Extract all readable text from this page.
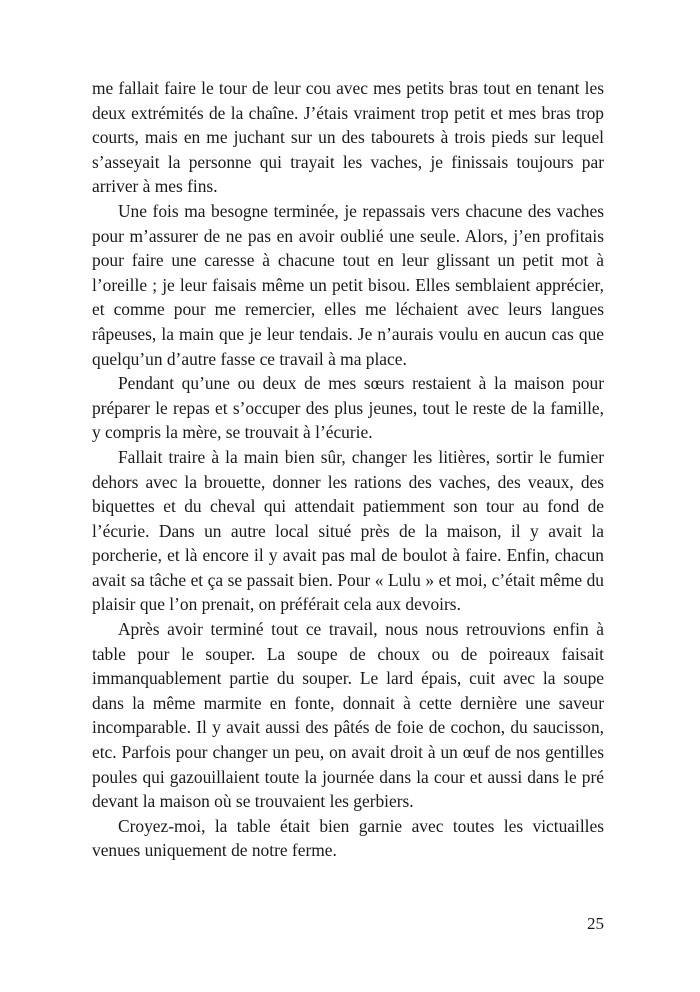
me fallait faire le tour de leur cou avec mes petits bras tout en tenant les deux extrémités de la chaîne. J’étais vraiment trop petit et mes bras trop courts, mais en me juchant sur un des tabourets à trois pieds sur lequel s’asseyait la personne qui trayait les vaches, je finissais toujours par arriver à mes fins.

Une fois ma besogne terminée, je repassais vers chacune des vaches pour m’assurer de ne pas en avoir oublié une seule. Alors, j’en profitais pour faire une caresse à chacune tout en leur glissant un petit mot à l’oreille ; je leur faisais même un petit bisou. Elles semblaient apprécier, et comme pour me remercier, elles me léchaient avec leurs langues râpeuses, la main que je leur tendais. Je n’aurais voulu en aucun cas que quelqu’un d’autre fasse ce travail à ma place.

Pendant qu’une ou deux de mes sœurs restaient à la maison pour préparer le repas et s’occuper des plus jeunes, tout le reste de la famille, y compris la mère, se trouvait à l’écurie.

Fallait traire à la main bien sûr, changer les litières, sortir le fumier dehors avec la brouette, donner les rations des vaches, des veaux, des biquettes et du cheval qui attendait patiemment son tour au fond de l’écurie. Dans un autre local situé près de la maison, il y avait la porcherie, et là encore il y avait pas mal de boulot à faire. Enfin, chacun avait sa tâche et ça se passait bien. Pour « Lulu » et moi, c’était même du plaisir que l’on prenait, on préférait cela aux devoirs.

Après avoir terminé tout ce travail, nous nous retrouvions enfin à table pour le souper. La soupe de choux ou de poireaux faisait immanquablement partie du souper. Le lard épais, cuit avec la soupe dans la même marmite en fonte, donnait à cette dernière une saveur incomparable. Il y avait aussi des pâtés de foie de cochon, du saucisson, etc. Parfois pour changer un peu, on avait droit à un œuf de nos gentilles poules qui gazouillaient toute la journée dans la cour et aussi dans le pré devant la maison où se trouvaient les gerbiers.

Croyez-moi, la table était bien garnie avec toutes les victuailles venues uniquement de notre ferme.

25
